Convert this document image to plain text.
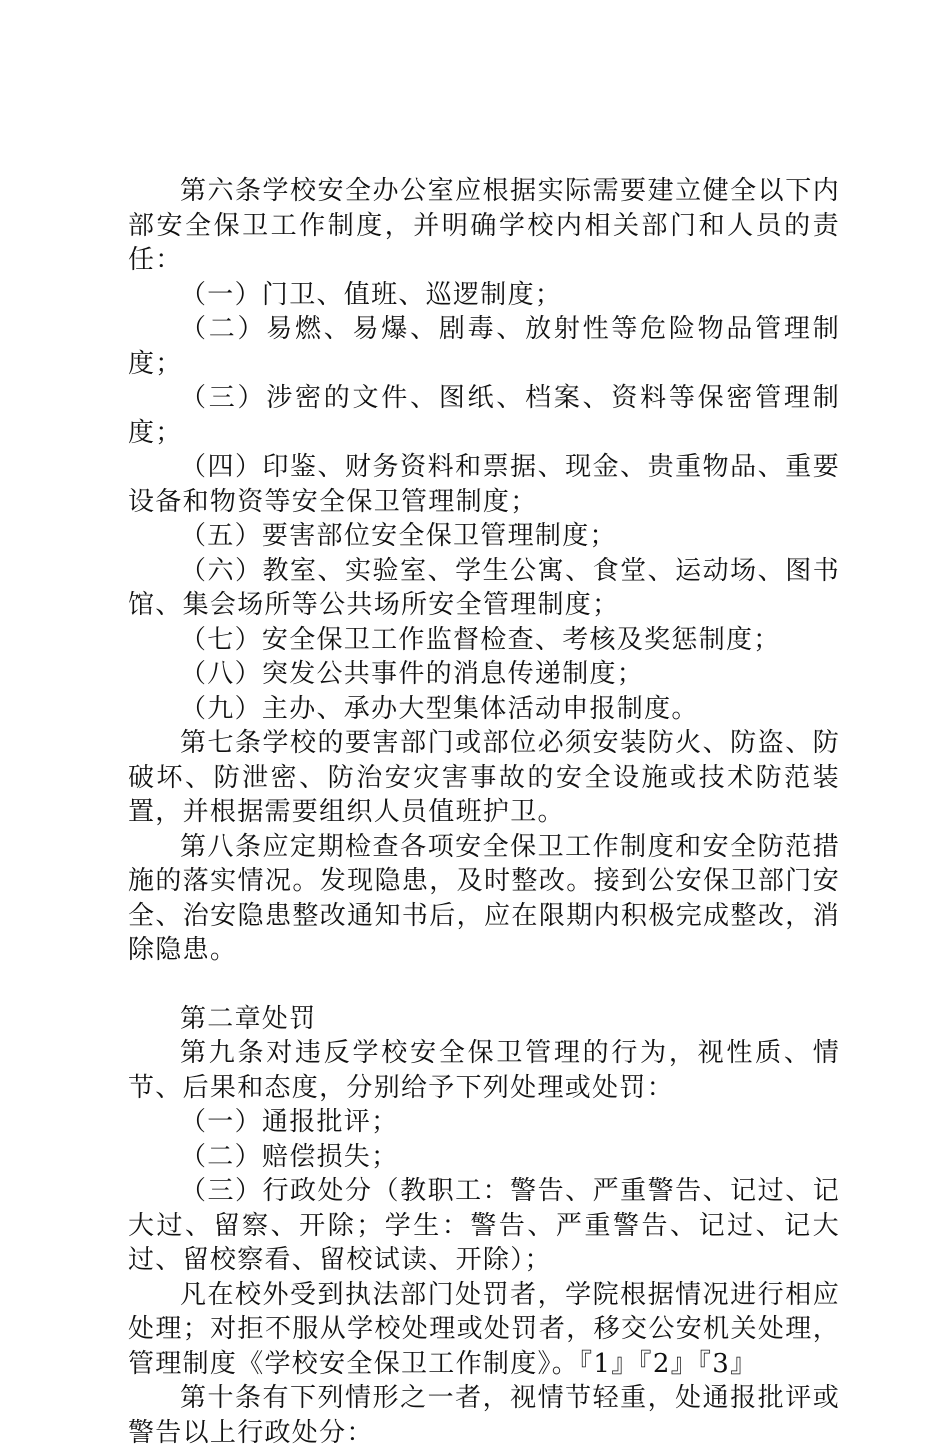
第六条学校安全办公室应根据实际需要建立健全以下内部安全保卫工作制度，并明确学校内相关部门和人员的责任：

（一）门卫、值班、巡逻制度；

（二）易燃、易爆、剧毒、放射性等危险物品管理制度；

（三）涉密的文件、图纸、档案、资料等保密管理制度；

（四）印鉴、财务资料和票据、现金、贵重物品、重要设备和物资等安全保卫管理制度；

（五）要害部位安全保卫管理制度；

（六）教室、实验室、学生公寓、食堂、运动场、图书馆、集会场所等公共场所安全管理制度；

（七）安全保卫工作监督检查、考核及奖惩制度；

（八）突发公共事件的消息传递制度；

（九）主办、承办大型集体活动申报制度。

第七条学校的要害部门或部位必须安装防火、防盗、防破坏、防泄密、防治安灾害事故的安全设施或技术防范装置，并根据需要组织人员值班护卫。

第八条应定期检查各项安全保卫工作制度和安全防范措施的落实情况。发现隐患，及时整改。接到公安保卫部门安全、治安隐患整改通知书后，应在限期内积极完成整改，消除隐患。

第二章处罚

第九条对违反学校安全保卫管理的行为，视性质、情节、后果和态度，分别给予下列处理或处罚：

（一）通报批评；

（二）赔偿损失；

（三）行政处分（教职工：警告、严重警告、记过、记大过、留察、开除；学生：警告、严重警告、记过、记大过、留校察看、留校试读、开除）；

凡在校外受到执法部门处罚者，学院根据情况进行相应处理；对拒不服从学校处理或处罚者，移交公安机关处理，管理制度《学校安全保卫工作制度》。『1』『2』『3』

第十条有下列情形之一者，视情节轻重，处通报批评或警告以上行政处分：
